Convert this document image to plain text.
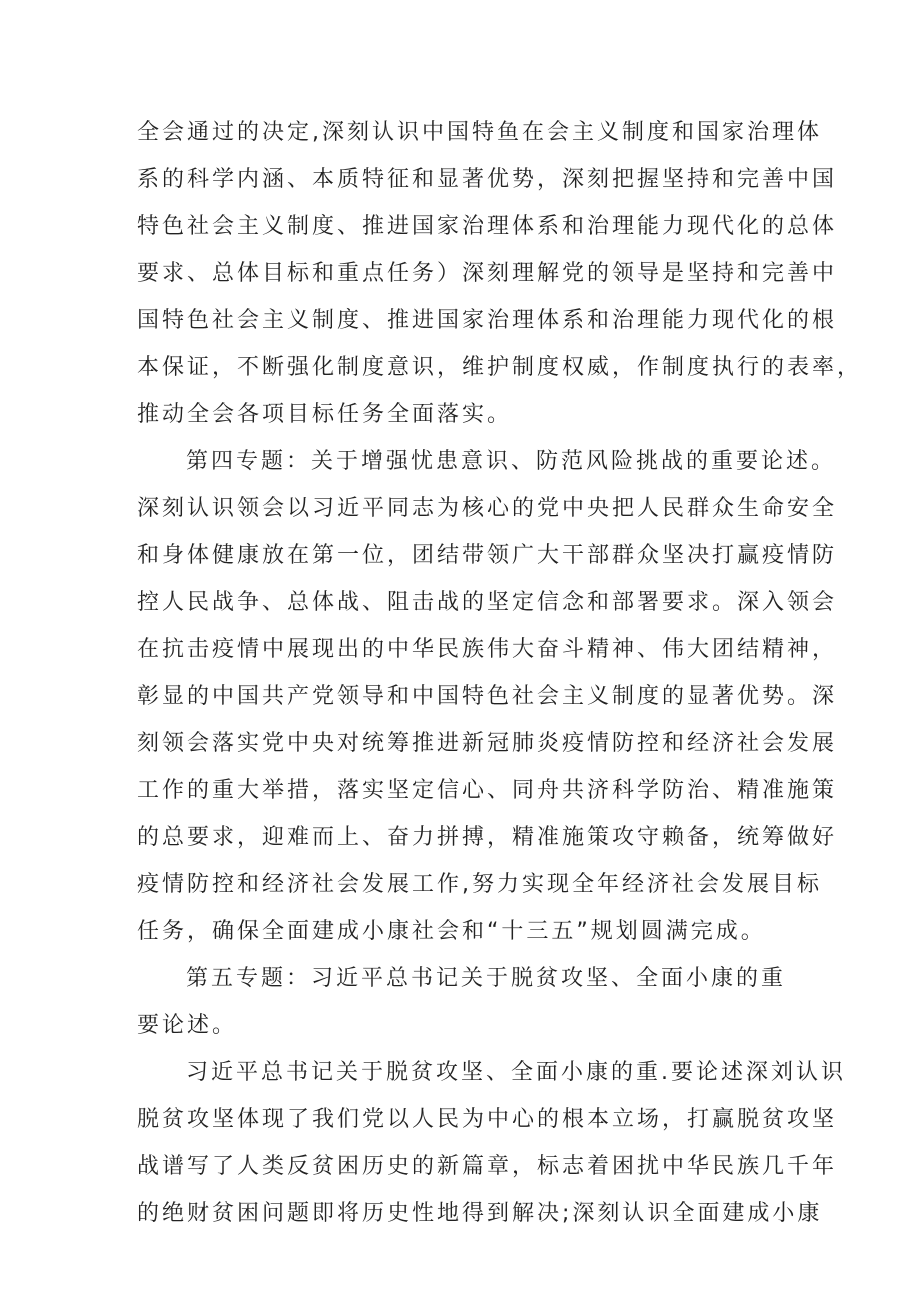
全会通过的决定,深刻认识中国特鱼在会主义制度和国家治理体
系的科学内涵、本质特征和显著优势，深刻把握坚持和完善中国
特色社会主义制度、推进国家治理体系和治理能力现代化的总体
要求、总体目标和重点任务）深刻理解党的领导是坚持和完善中
国特色社会主义制度、推进国家治理体系和治理能力现代化的根
本保证，不断强化制度意识，维护制度权威，作制度执行的表率，
推动全会各项目标任务全面落实。
第四专题：关于增强忧患意识、防范风险挑战的重要论述。
深刻认识领会以习近平同志为核心的党中央把人民群众生命安全
和身体健康放在第一位，团结带领广大干部群众坚决打赢疫情防
控人民战争、总体战、阻击战的坚定信念和部署要求。深入领会
在抗击疫情中展现出的中华民族伟大奋斗精神、伟大团结精神，
彰显的中国共产党领导和中国特色社会主义制度的显著优势。深
刻领会落实党中央对统筹推进新冠肺炎疫情防控和经济社会发展
工作的重大举措，落实坚定信心、同舟共济科学防治、精准施策
的总要求，迎难而上、奋力拼搏，精准施策攻守赖备，统筹做好
疫情防控和经济社会发展工作,努力实现全年经济社会发展目标
任务，确保全面建成小康社会和“十三五”规划圆满完成。
第五专题：习近平总书记关于脱贫攻坚、全面小康的重
要论述。
习近平总书记关于脱贫攻坚、全面小康的重.要论述深刘认识
脱贫攻坚体现了我们党以人民为中心的根本立场，打赢脱贫攻坚
战谱写了人类反贫困历史的新篇章，标志着困扰中华民族几千年
的绝财贫困问题即将历史性地得到解决;深刻认识全面建成小康
